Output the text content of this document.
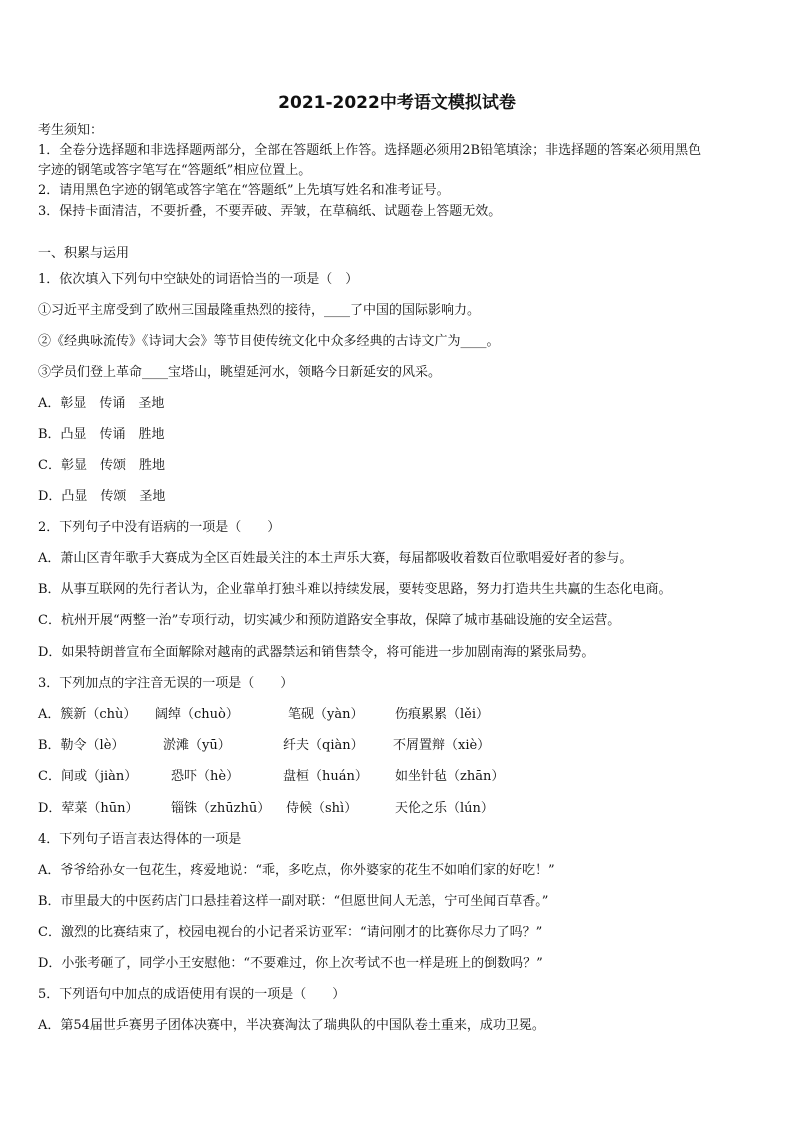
2021-2022中考语文模拟试卷
考生须知：
1．全卷分选择题和非选择题两部分，全部在答题纸上作答。选择题必须用2B铅笔填涂；非选择题的答案必须用黑色
字迹的钢笔或答字笔写在“答题纸”相应位置上。
2．请用黑色字迹的钢笔或答字笔在“答题纸”上先填写姓名和准考证号。
3．保持卡面清洁，不要折叠，不要弄破、弄皱，在草稿纸、试题卷上答题无效。
一、积累与运用
1．依次填入下列句中空缺处的词语恰当的一项是（　）
①习近平主席受到了欧州三国最隆重热烈的接待，____了中国的国际影响力。
②《经典咏流传》《诗词大会》等节目使传统文化中众多经典的古诗文广为____。
③学员们登上革命____宝塔山，眺望延河水，领略今日新延安的风采。
A．彰显　传诵　圣地
B．凸显　传诵　胜地
C．彰显　传颂　胜地
D．凸显　传颂　圣地
2．下列句子中没有语病的一项是（　　）
A．萧山区青年歌手大赛成为全区百姓最关注的本土声乐大赛，每届都吸收着数百位歌唱爱好者的参与。
B．从事互联网的先行者认为，企业靠单打独斗难以持续发展，要转变思路，努力打造共生共赢的生态化电商。
C．杭州开展“两整一治”专项行动，切实减少和预防道路安全事故，保障了城市基础设施的安全运营。
D．如果特朗普宣布全面解除对越南的武器禁运和销售禁令，将可能进一步加剧南海的紧张局势。
3．下列加点的字注音无误的一项是（　　）
A．簇新（chù） 阔绰（chuò）	笔砚（yàn） 伤痕累累（lěi）
B．勒令（lè）	淤滩（yū）	纤夫（qiàn） 不屑置辩（xiè）
C．间或（jiàn）	恐吓（hè）	盘桓（huán） 如坐针毡（zhān）
D．荤菜（hūn） 锱铢（zhūzhū） 侍候（shì）	天伦之乐（lún）
4．下列句子语言表达得体的一项是
A．爷爷给孙女一包花生，疼爱地说：“乖，多吃点，你外婆家的花生不如咱们家的好吃！”
B．市里最大的中医药店门口悬挂着这样一副对联：“但愿世间人无恙，宁可坐闻百草香。”
C．激烈的比赛结束了，校园电视台的小记者采访亚军：“请问刚才的比赛你尽力了吗？”
D．小张考砸了，同学小王安慰他：“不要难过，你上次考试不也一样是班上的倒数吗？”
5．下列语句中加点的成语使用有误的一项是（　　）
A．第54届世乒赛男子团体决赛中，半决赛淘汰了瑞典队的中国队卷土重来，成功卫冕。
